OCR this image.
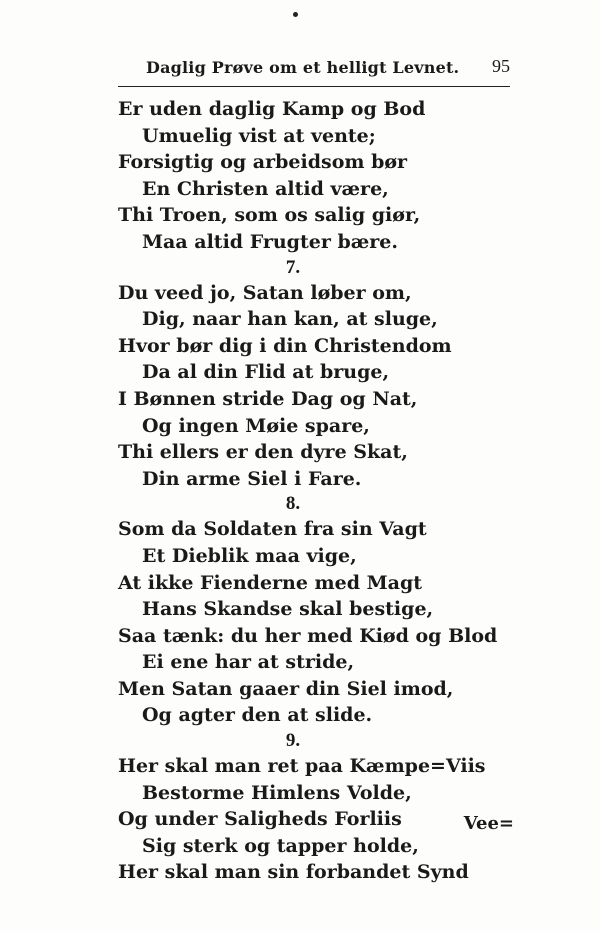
Daglig Prøve om et helligt Levnet. 95
Er uden daglig Kamp og Bod
Umuelig vist at vente;
Forsigtig og arbeidsom bør
En Christen altid være,
Thi Troen, som os salig giør,
Maa altid Frugter bære.
7.
Du veed jo, Satan løber om,
Dig, naar han kan, at sluge,
Hvor bør dig i din Christendom
Da al din Flid at bruge,
I Bønnen stride Dag og Nat,
Og ingen Møie spare,
Thi ellers er den dyre Skat,
Din arme Siel i Fare.
8.
Som da Soldaten fra sin Vagt
Et Dieblik maa vige,
At ikke Fienderne med Magt
Hans Skandse skal bestige,
Saa tænk: du her med Kiød og Blod
Ei ene har at stride,
Men Satan gaaer din Siel imod,
Og agter den at slide.
9.
Her skal man ret paa Kæmpe=Viis
Bestorme Himlens Volde,
Og under Saligheds Forliis
Sig sterk og tapper holde,
Her skal man sin forbandet Synd
Vee=
